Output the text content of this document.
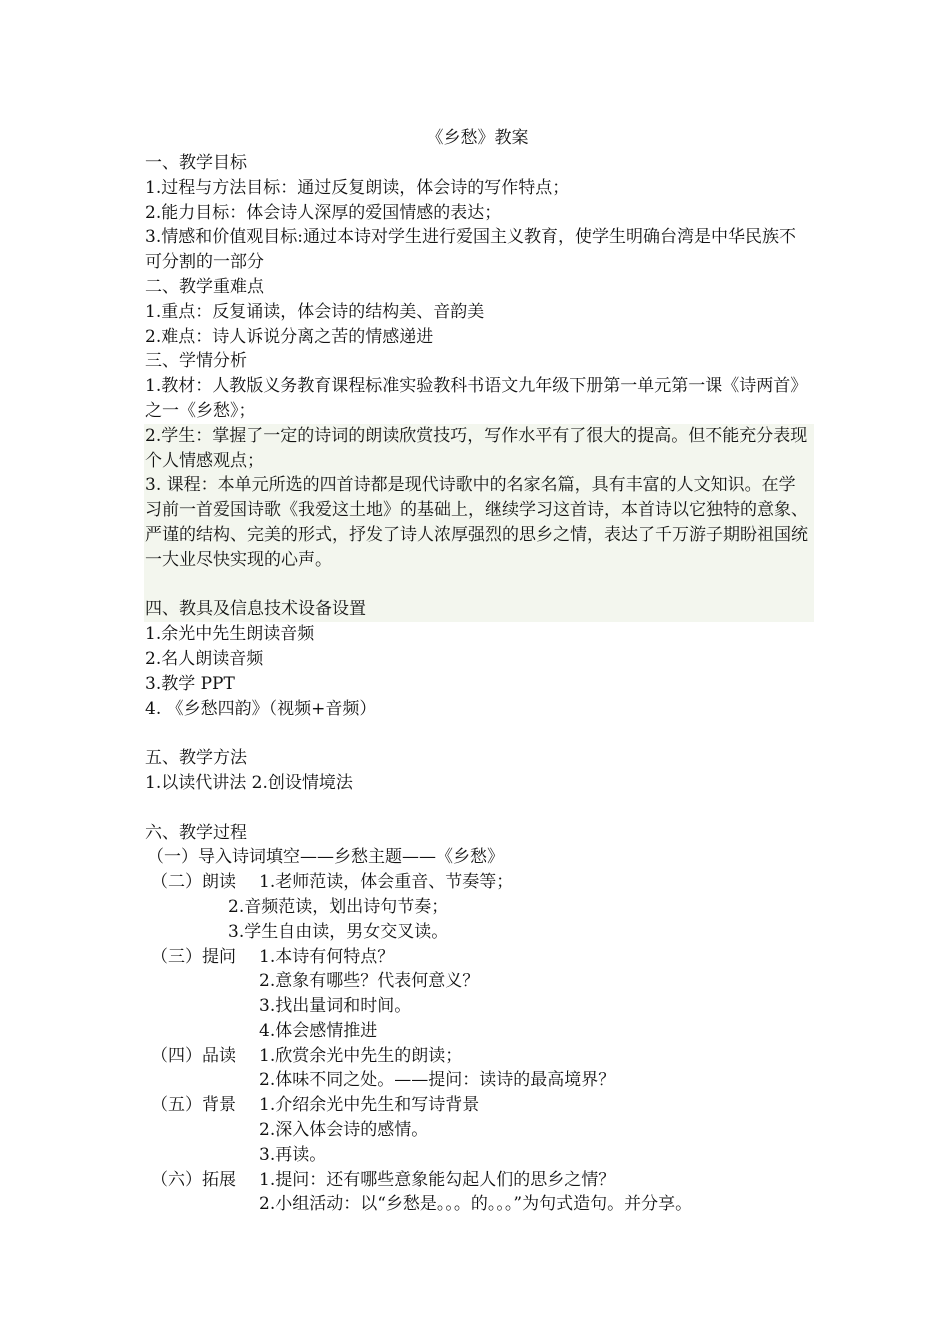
《乡愁》教案
一、教学目标
1.过程与方法目标：通过反复朗读，体会诗的写作特点；
2.能力目标：体会诗人深厚的爱国情感的表达；
3.情感和价值观目标:通过本诗对学生进行爱国主义教育，使学生明确台湾是中华民族不可分割的一部分
二、教学重难点
1.重点：反复诵读，体会诗的结构美、音韵美
2.难点：诗人诉说分离之苦的情感递进
三、学情分析
1.教材：人教版义务教育课程标准实验教科书语文九年级下册第一单元第一课《诗两首》之一《乡愁》；
2.学生：掌握了一定的诗词的朗读欣赏技巧，写作水平有了很大的提高。但不能充分表现个人情感观点；
3. 课程：本单元所选的四首诗都是现代诗歌中的名家名篇，具有丰富的人文知识。在学习前一首爱国诗歌《我爱这土地》的基础上，继续学习这首诗，本首诗以它独特的意象、严谨的结构、完美的形式，抒发了诗人浓厚强烈的思乡之情，表达了千万游子期盼祖国统一大业尽快实现的心声。
四、教具及信息技术设备设置
1.余光中先生朗读音频
2.名人朗读音频
3.教学 PPT
4. 《乡愁四韵》（视频+音频）
五、教学方法
1.以读代讲法 2.创设情境法
六、教学过程
（一）导入诗词填空——乡愁主题——《乡愁》
（二）朗读	1.老师范读，体会重音、节奏等；
2.音频范读，划出诗句节奏；
3.学生自由读，男女交叉读。
（三）提问	1.本诗有何特点？
2.意象有哪些？代表何意义？
3.找出量词和时间。
4.体会感情推进
（四）品读	1.欣赏余光中先生的朗读；
2.体味不同之处。——提问：读诗的最高境界？
（五）背景	1.介绍余光中先生和写诗背景
2.深入体会诗的感情。
3.再读。
（六）拓展	1.提问：还有哪些意象能勾起人们的思乡之情？
2.小组活动：以“乡愁是。。。的。。。”为句式造句。并分享。
